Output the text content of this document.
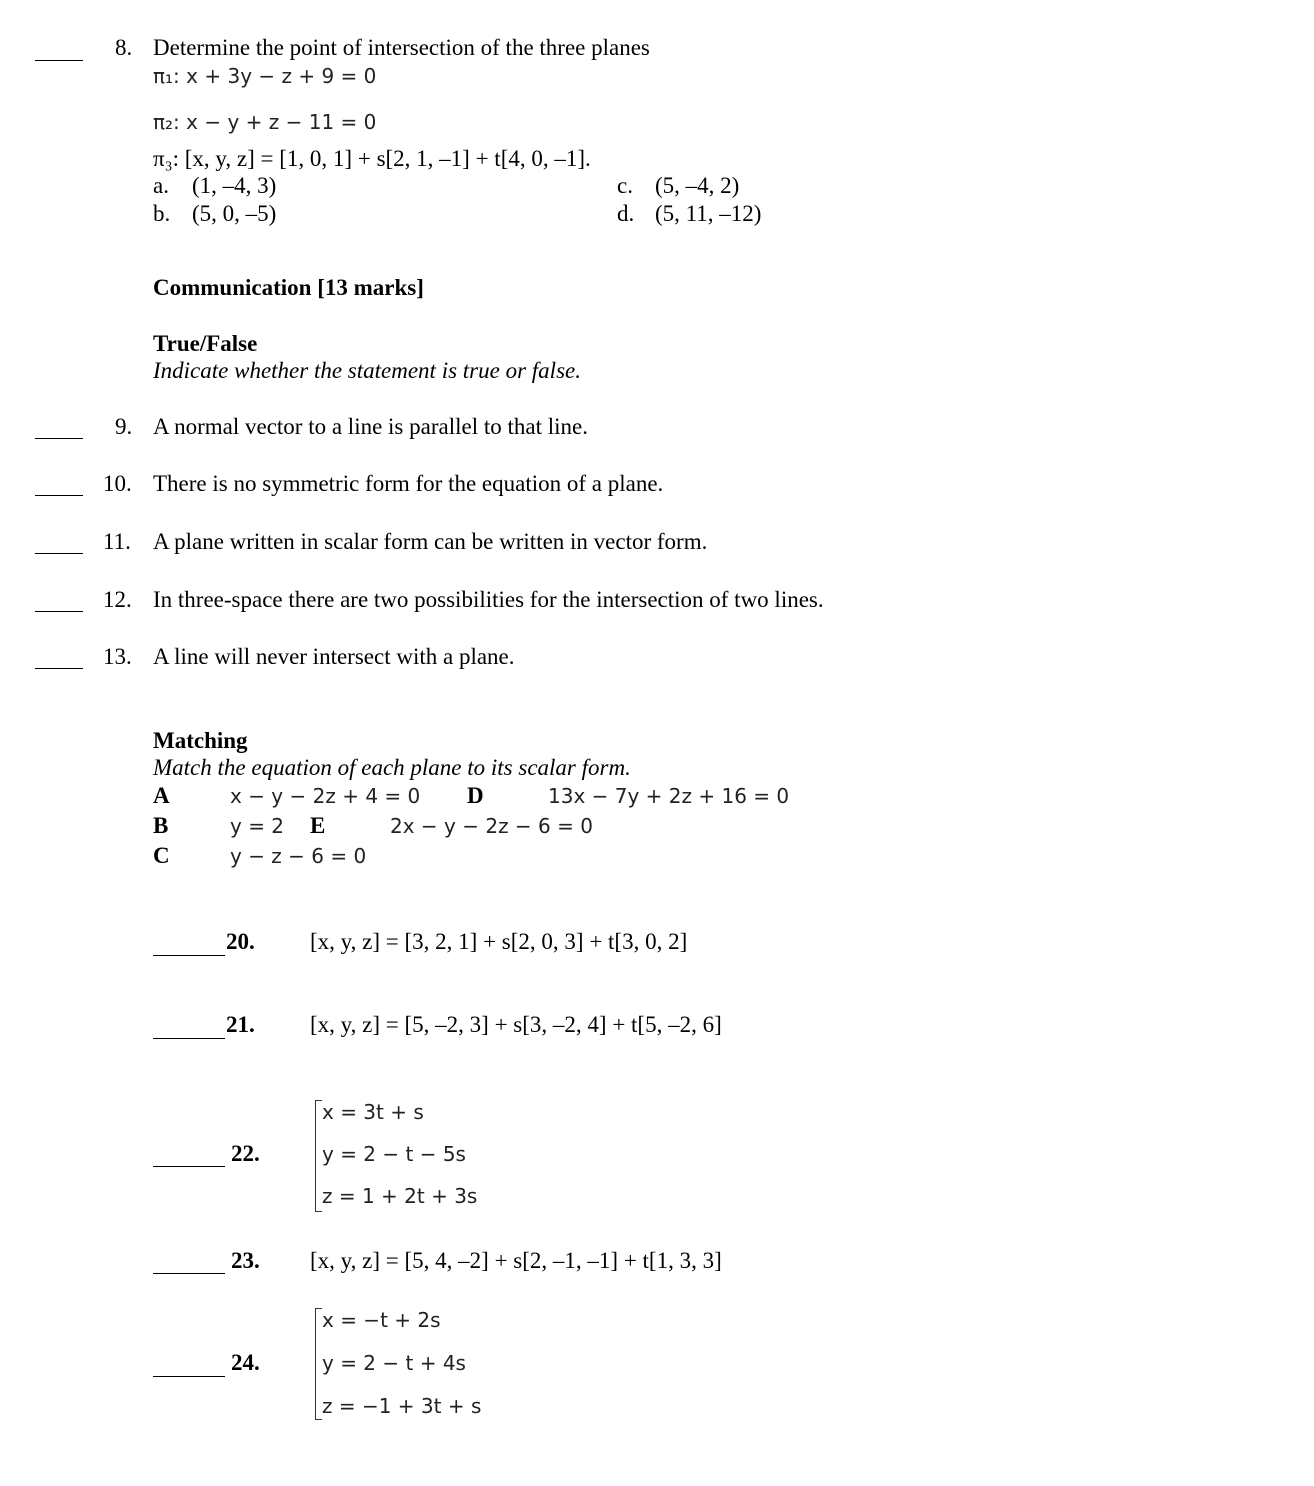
8. Determine the point of intersection of the three planes
π₁: x + 3y − z + 9 = 0
π₂: x − y + z − 11 = 0
π₃: [x, y, z] = [1, 0, 1] + s[2, 1, –1] + t[4, 0, –1].
a. (1, –4, 3)
b. (5, 0, –5)
c. (5, –4, 2)
d. (5, 11, –12)
Communication [13 marks]
True/False
Indicate whether the statement is true or false.
9. A normal vector to a line is parallel to that line.
10. There is no symmetric form for the equation of a plane.
11. A plane written in scalar form can be written in vector form.
12. In three-space there are two possibilities for the intersection of two lines.
13. A line will never intersect with a plane.
Matching
Match the equation of each plane to its scalar form.
A	x − y − 2z + 4 = 0 D	13x − 7y + 2z + 16 = 0
B	y = 2 E	2x − y − 2z − 6 = 0
C	y − z − 6 = 0
20. [x, y, z] = [3, 2, 1] + s[2, 0, 3] + t[3, 0, 2]
21. [x, y, z] = [5, –2, 3] + s[3, –2, 4] + t[5, –2, 6]
22.
x = 3t + s
y = 2 − t − 5s
z = 1 + 2t + 3s
23. [x, y, z] = [5, 4, –2] + s[2, –1, –1] + t[1, 3, 3]
24.
x = −t + 2s
y = 2 − t + 4s
z = −1 + 3t + s
